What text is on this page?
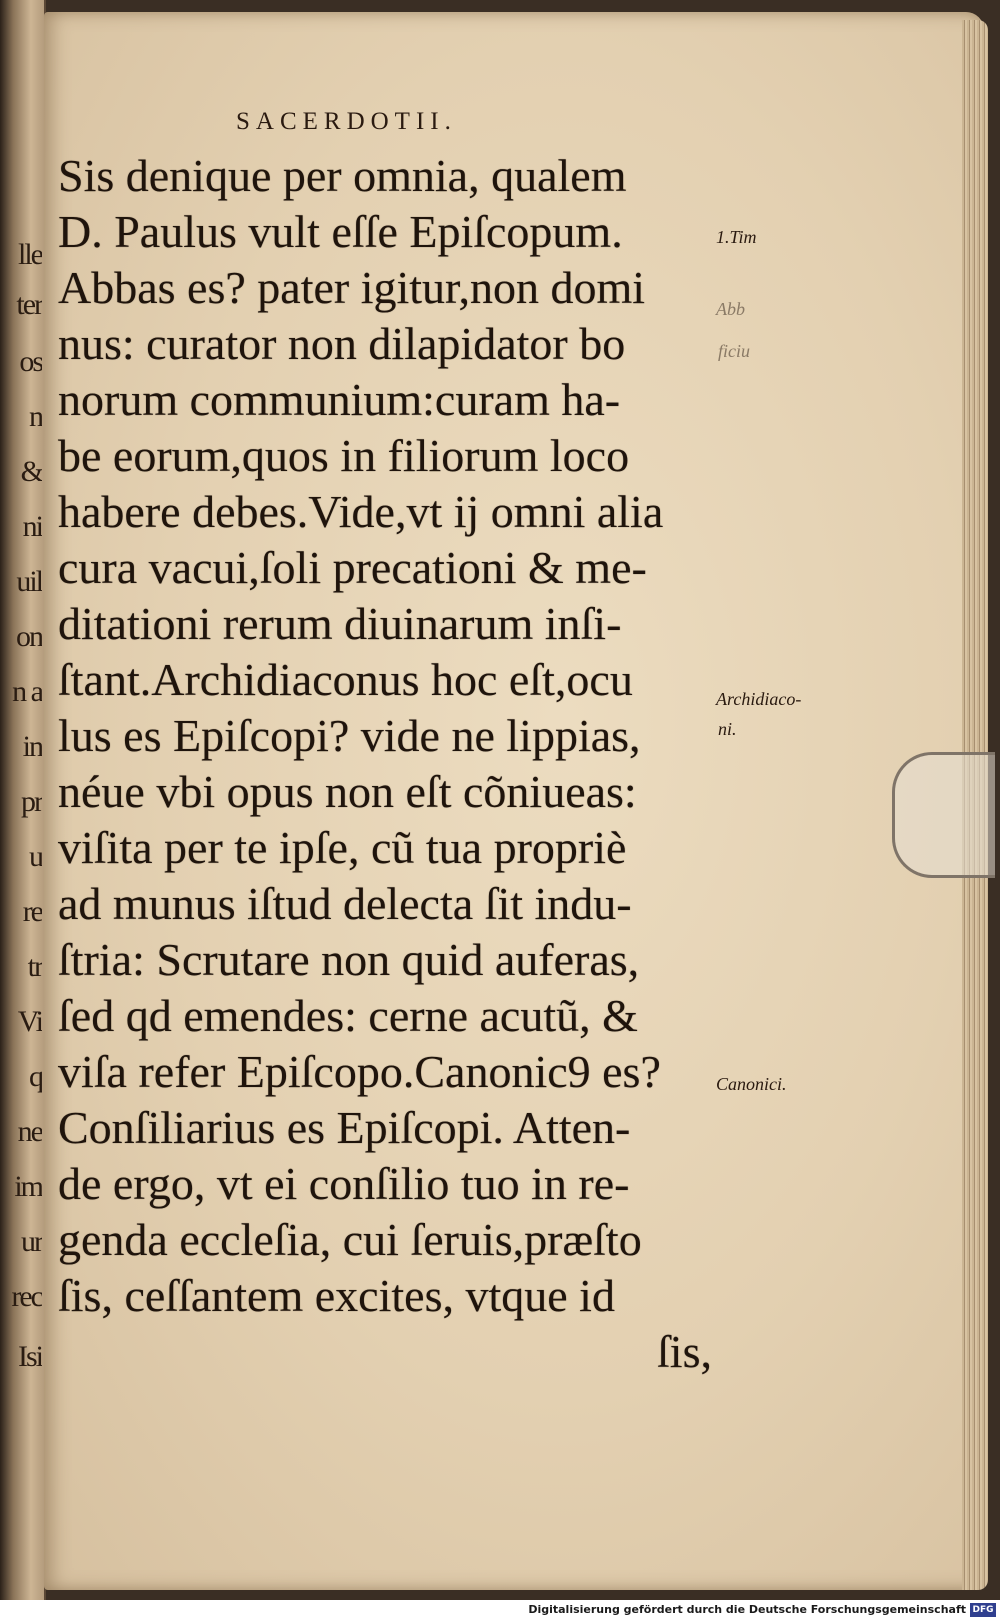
lle
ter
os
n
&
ni
uil
on
n a
in
pr
u
re
tr
Vi
q
ne
im
ur
rec
Isi
SACERDOTII.
Sis denique per omnia, qualem
D. Paulus vult eſſe Epiſcopum.
Abbas es? pater igitur,non domi
nus: curator non dilapidator bo
norum communium:curam ha-
be eorum,quos in filiorum loco
habere debes.Vide,vt ij omni alia
cura vacui,ſoli precationi & me-
ditationi rerum diuinarum inſi-
ſtant.Archidiaconus hoc eſt,ocu
lus es Epiſcopi? vide ne lippias,
néue vbi opus non eſt cõniueas:
viſita per te ipſe, cũ tua propriè
ad munus iſtud delecta ſit indu-
ſtria: Scrutare non quid auferas,
ſed qd emendes: cerne acutũ, &
viſa refer Epiſcopo.Canonic9 es?
Conſiliarius es Epiſcopi. Atten-
de ergo, vt ei conſilio tuo in re-
genda eccleſia, cui ſeruis,præſto
ſis, ceſſantem excites, vtque id
ſis,
1.Tim
Abb
ficiu
Archidiaco-
ni.
Canonici.
Digitalisierung gefördert durch die Deutsche Forschungsgemeinschaft DFG
